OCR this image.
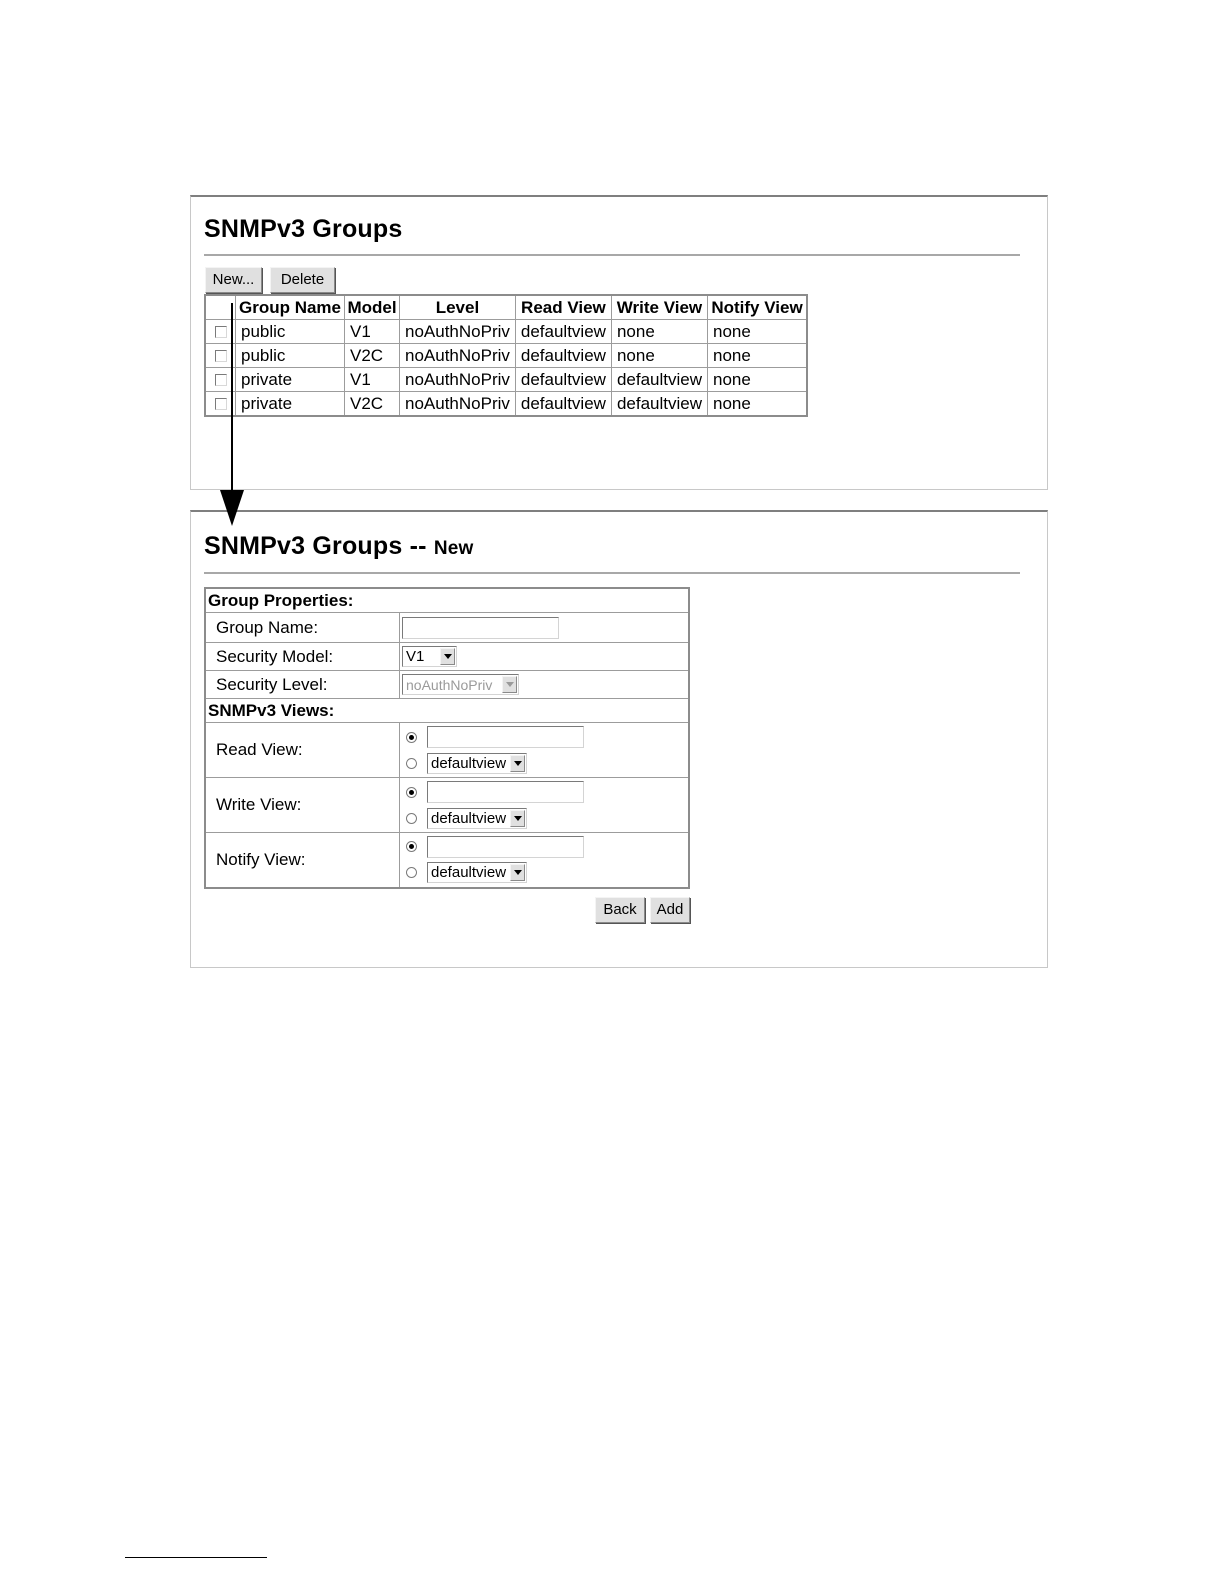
SNMPv3 Groups
New...	Delete
	Group Name	Model	Level	Read View	Write View	Notify View
	public	V1	noAuthNoPriv	defaultview	none	none
	public	V2C	noAuthNoPriv	defaultview	none	none
	private	V1	noAuthNoPriv	defaultview	defaultview	none
	private	V2C	noAuthNoPriv	defaultview	defaultview	none
SNMPv3 Groups -- New
Group Properties:	
Group Name:	
Security Model:	V1

Security Level:	noAuthNoPriv

SNMPv3 Views:	
Read View:	defaultview

Write View:	defaultview

Notify View:	defaultview
Back	Add
